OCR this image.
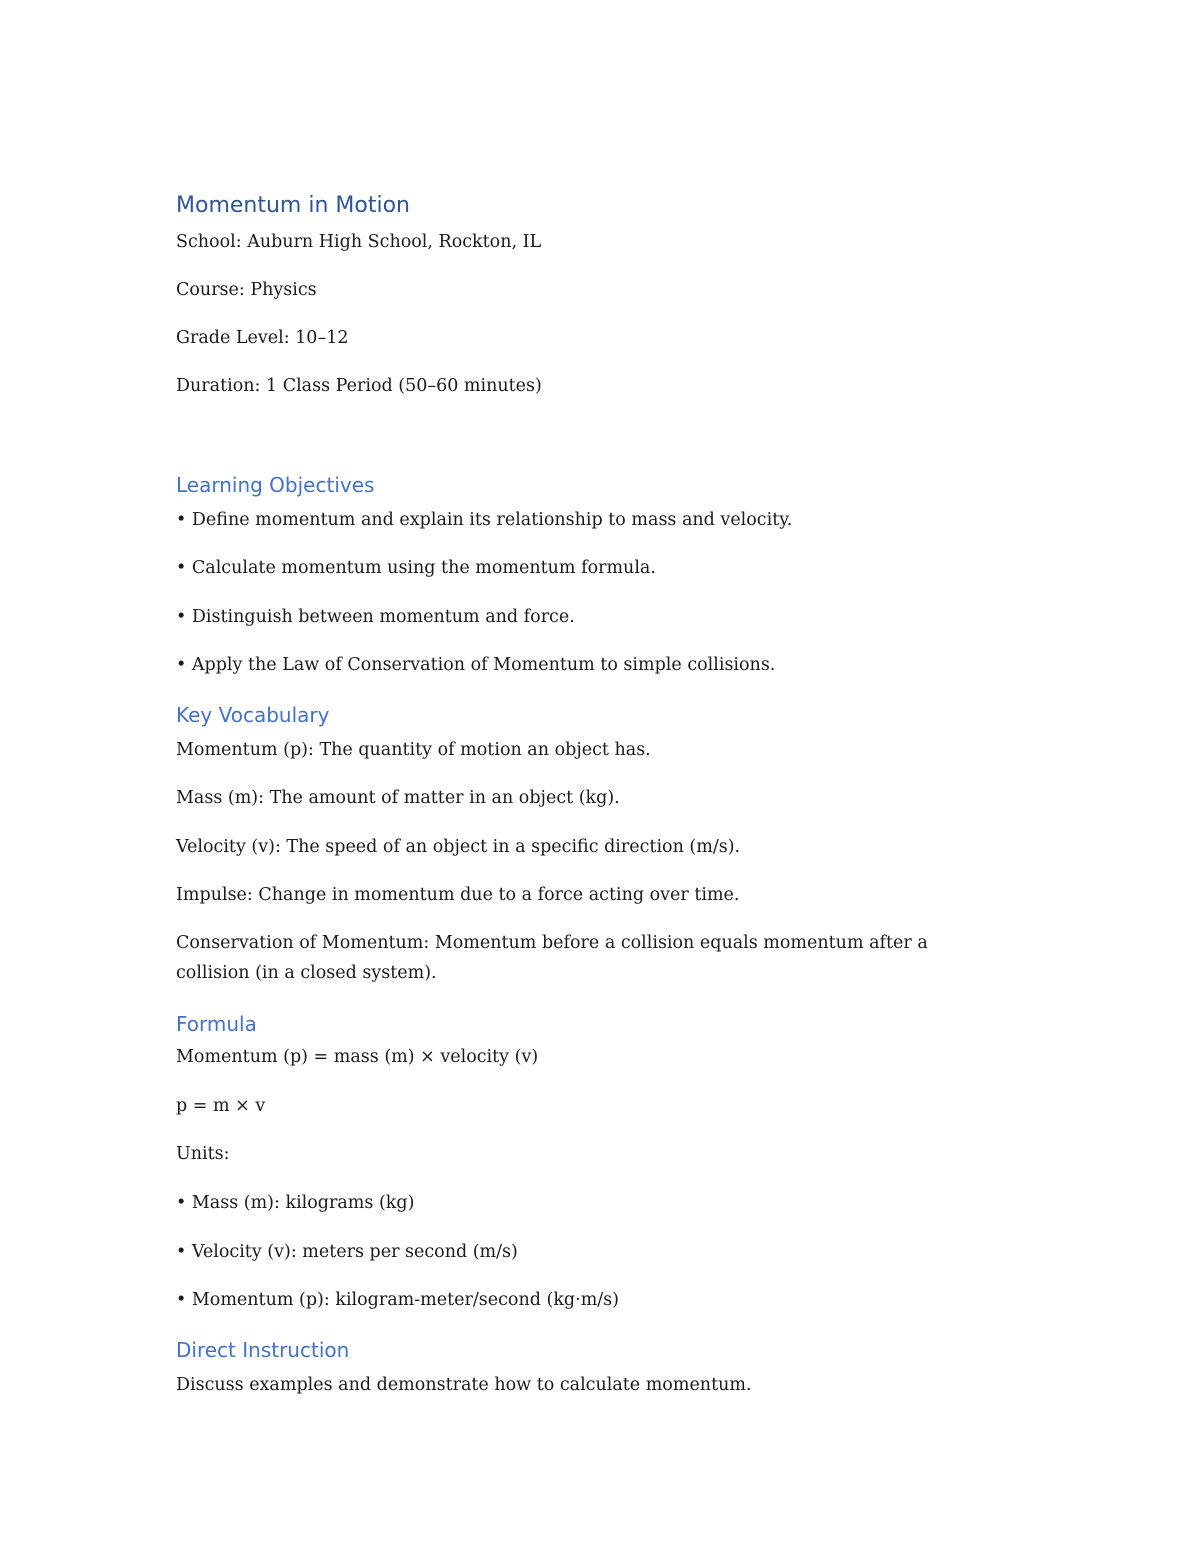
Momentum in Motion

School: Auburn High School, Rockton, IL

Course: Physics

Grade Level: 10–12

Duration: 1 Class Period (50–60 minutes)

Learning Objectives

• Define momentum and explain its relationship to mass and velocity.

• Calculate momentum using the momentum formula.

• Distinguish between momentum and force.

• Apply the Law of Conservation of Momentum to simple collisions.

Key Vocabulary

Momentum (p): The quantity of motion an object has.

Mass (m): The amount of matter in an object (kg).

Velocity (v): The speed of an object in a specific direction (m/s).

Impulse: Change in momentum due to a force acting over time.

Conservation of Momentum: Momentum before a collision equals momentum after a collision (in a closed system).

Formula

Momentum (p) = mass (m) × velocity (v)

p = m × v

Units:

• Mass (m): kilograms (kg)

• Velocity (v): meters per second (m/s)

• Momentum (p): kilogram-meter/second (kg·m/s)

Direct Instruction

Discuss examples and demonstrate how to calculate momentum.
